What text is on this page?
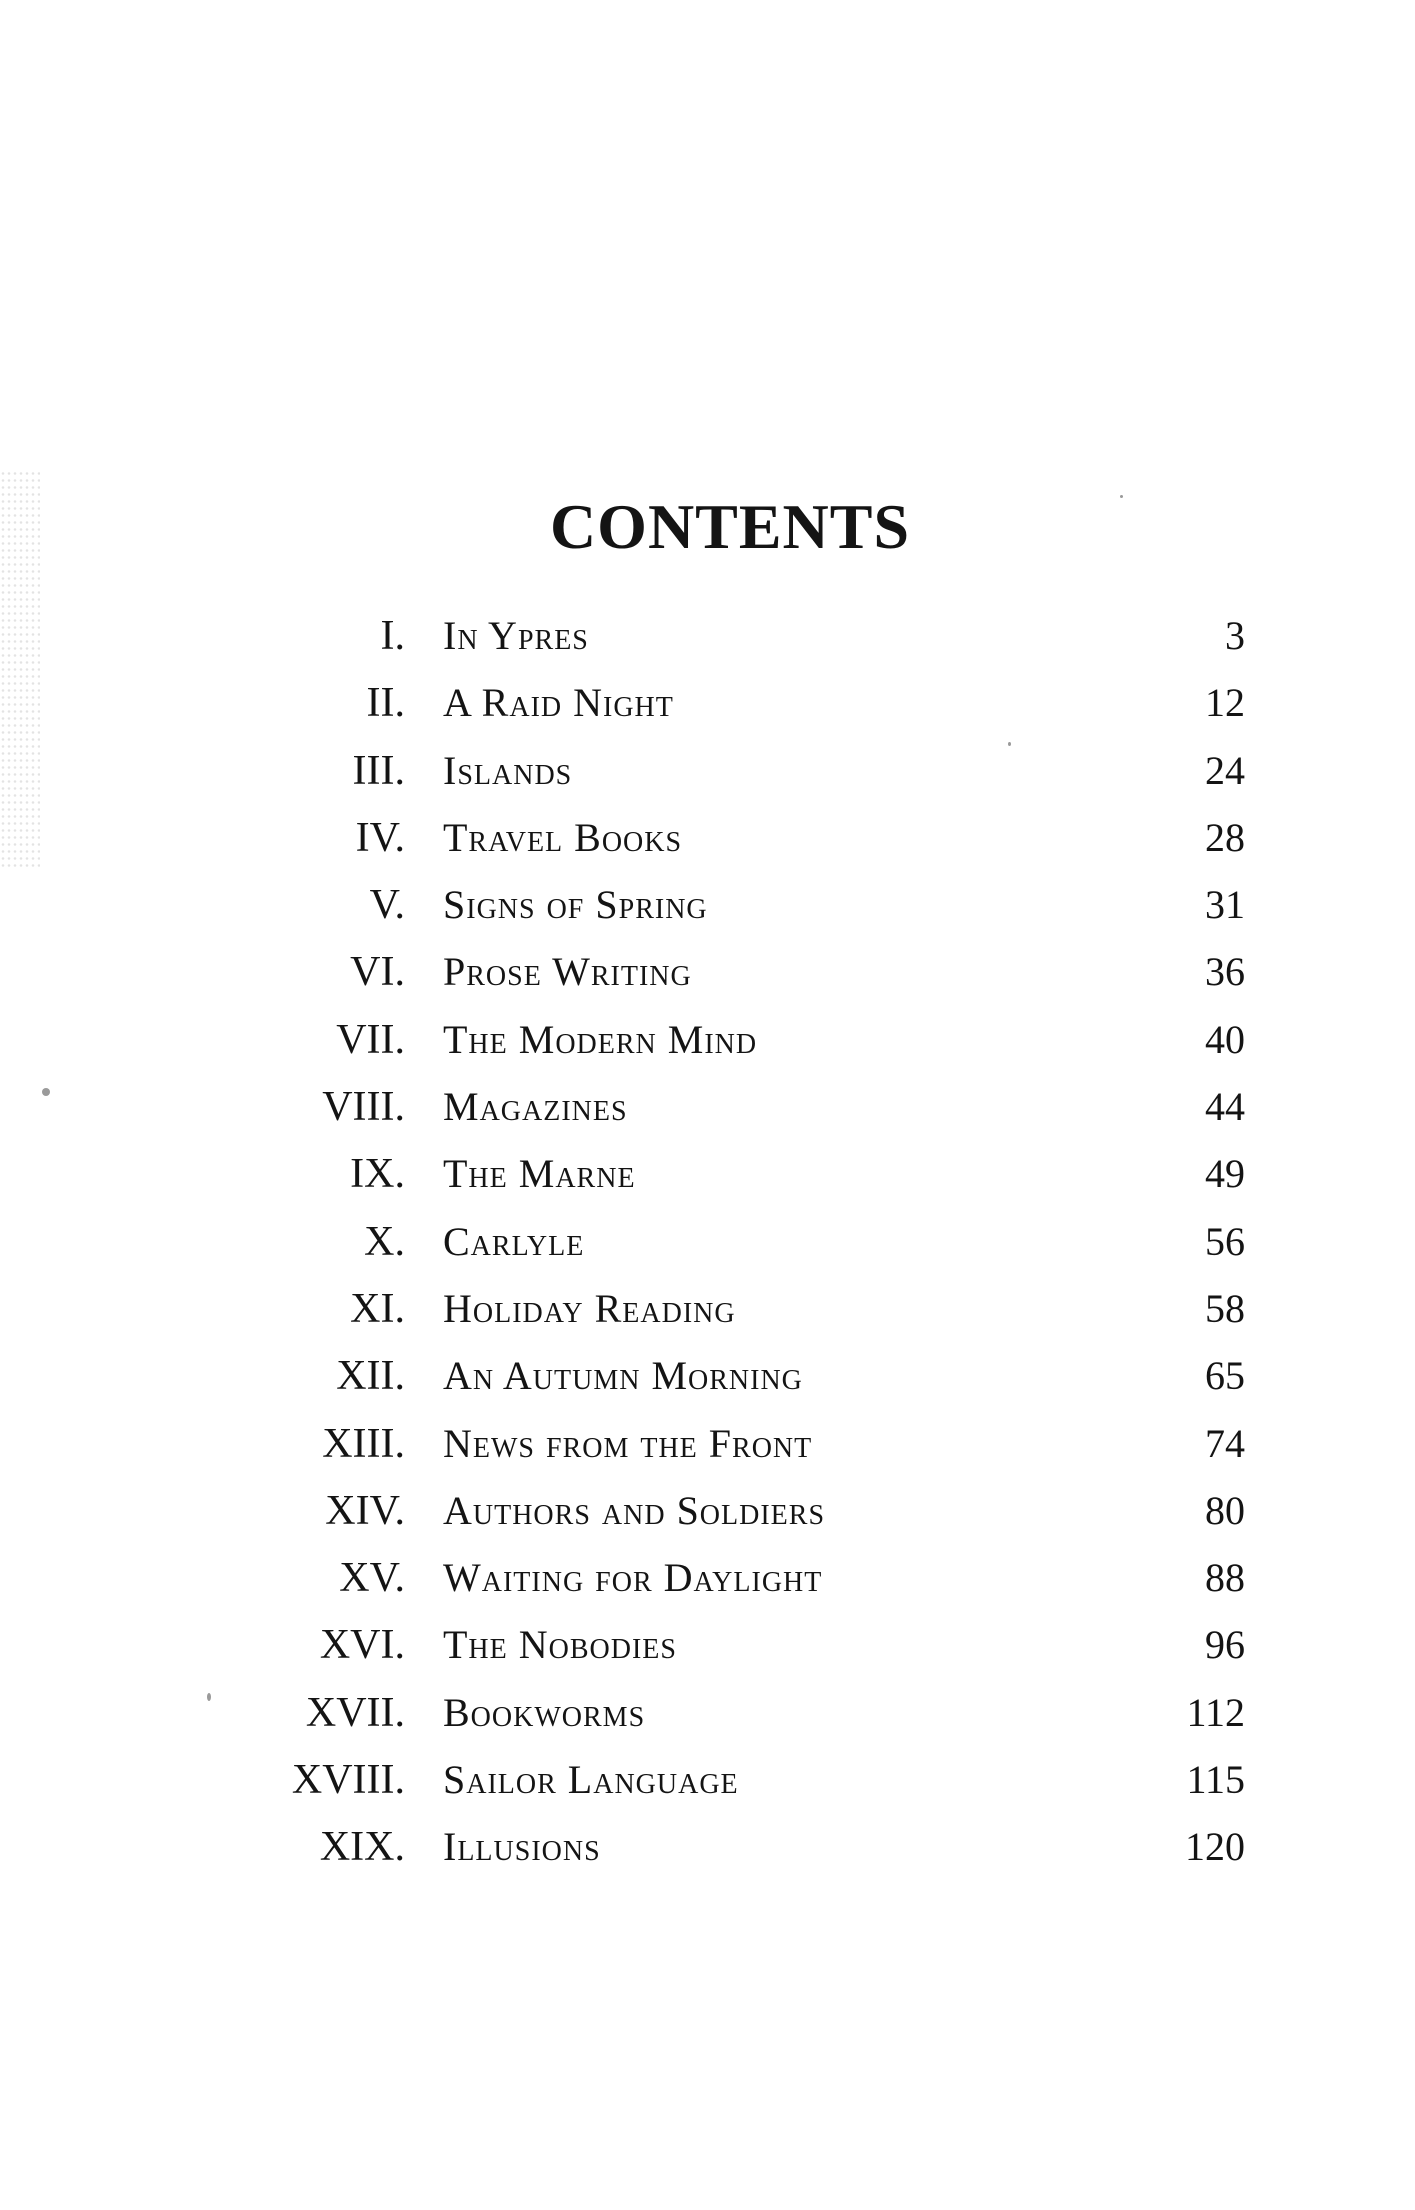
CONTENTS
I. In Ypres	3
II. A Raid Night	12
III. Islands	24
IV. Travel Books	28
V. Signs of Spring	31
VI. Prose Writing	36
VII. The Modern Mind	40
VIII. Magazines	44
IX. The Marne	49
X. Carlyle	56
XI. Holiday Reading	58
XII. An Autumn Morning	65
XIII. News from the Front	74
XIV. Authors and Soldiers	80
XV. Waiting for Daylight	88
XVI. The Nobodies	96
XVII. Bookworms	112
XVIII. Sailor Language	115
XIX. Illusions	120
